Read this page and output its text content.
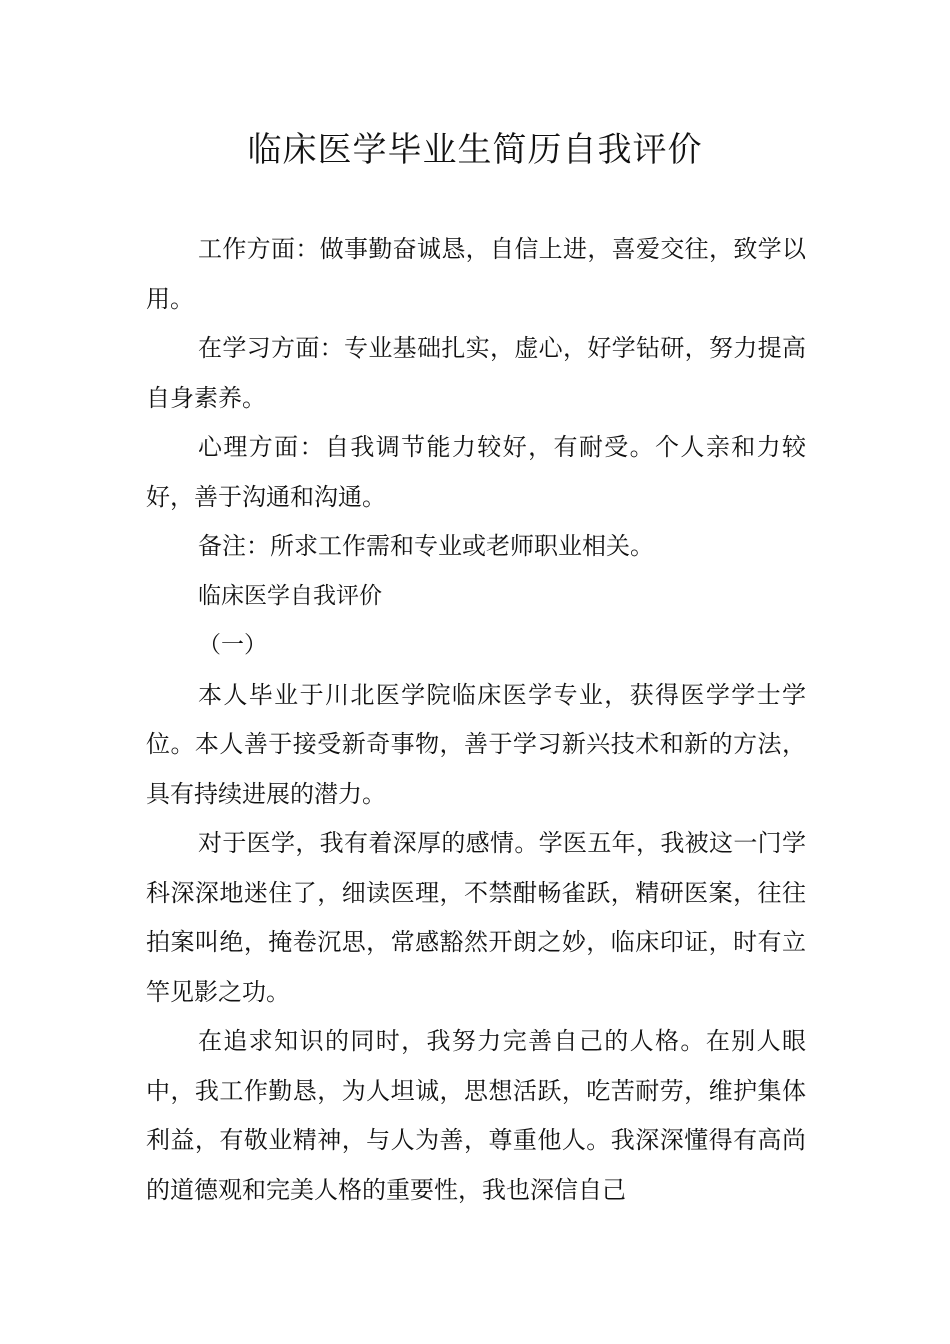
临床医学毕业生简历自我评价

工作方面：做事勤奋诚恳，自信上进，喜爱交往，致学以用。

在学习方面：专业基础扎实，虚心，好学钻研，努力提高自身素养。

心理方面：自我调节能力较好，有耐受。个人亲和力较好，善于沟通和沟通。

备注：所求工作需和专业或老师职业相关。

临床医学自我评价

（一）

本人毕业于川北医学院临床医学专业，获得医学学士学位。本人善于接受新奇事物，善于学习新兴技术和新的方法，具有持续进展的潜力。

对于医学，我有着深厚的感情。学医五年，我被这一门学科深深地迷住了，细读医理，不禁酣畅雀跃，精研医案，往往拍案叫绝，掩卷沉思，常感豁然开朗之妙，临床印证，时有立竿见影之功。

在追求知识的同时，我努力完善自己的人格。在别人眼中，我工作勤恳，为人坦诚，思想活跃，吃苦耐劳，维护集体利益，有敬业精神，与人为善，尊重他人。我深深懂得有高尚的道德观和完美人格的重要性，我也深信自己
